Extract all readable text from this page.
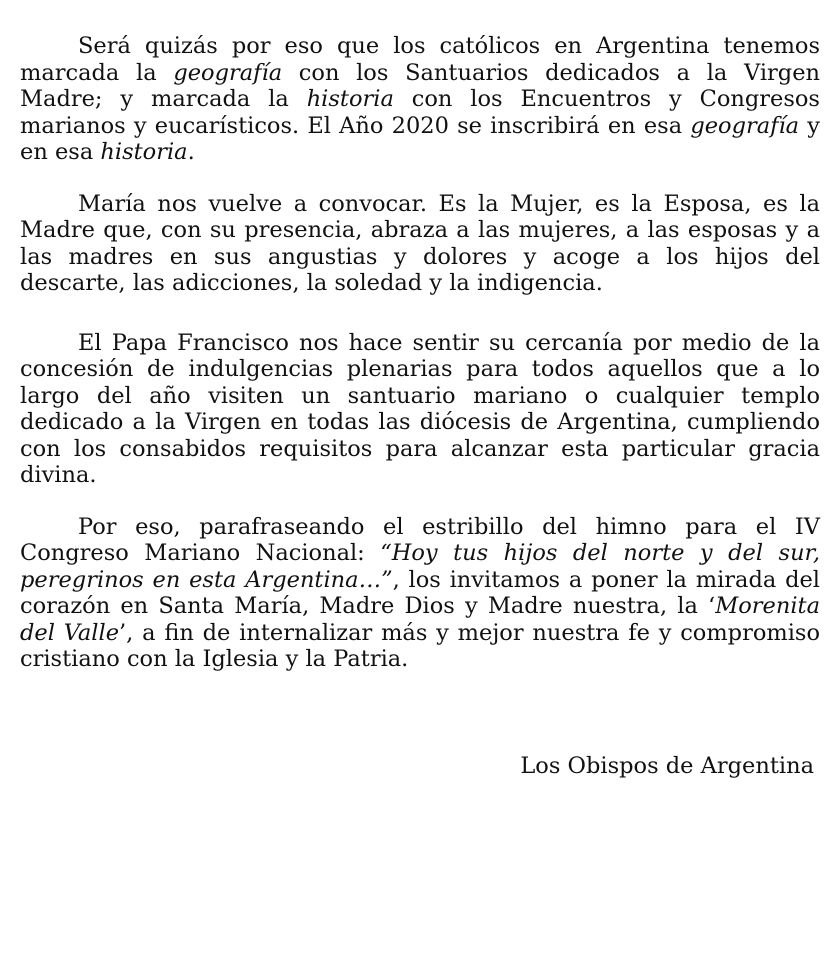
Será quizás por eso que los católicos en Argentina tenemos marcada la geografía con los Santuarios dedicados a la Virgen Madre; y marcada la historia con los Encuentros y Congresos marianos y eucarísticos. El Año 2020 se inscribirá en esa geografía y en esa historia.

María nos vuelve a convocar. Es la Mujer, es la Esposa, es la Madre que, con su presencia, abraza a las mujeres, a las esposas y a las madres en sus angustias y dolores y acoge a los hijos del descarte, las adicciones, la soledad y la indigencia.

El Papa Francisco nos hace sentir su cercanía por medio de la concesión de indulgencias plenarias para todos aquellos que a lo largo del año visiten un santuario mariano o cualquier templo dedicado a la Virgen en todas las diócesis de Argentina, cumpliendo con los consabidos requisitos para alcanzar esta particular gracia divina.

Por eso, parafraseando el estribillo del himno para el IV Congreso Mariano Nacional: “Hoy tus hijos del norte y del sur, peregrinos en esta Argentina…”, los invitamos a poner la mirada del corazón en Santa María, Madre Dios y Madre nuestra, la ‘Morenita del Valle’, a fin de internalizar más y mejor nuestra fe y compromiso cristiano con la Iglesia y la Patria.

Los Obispos de Argentina
